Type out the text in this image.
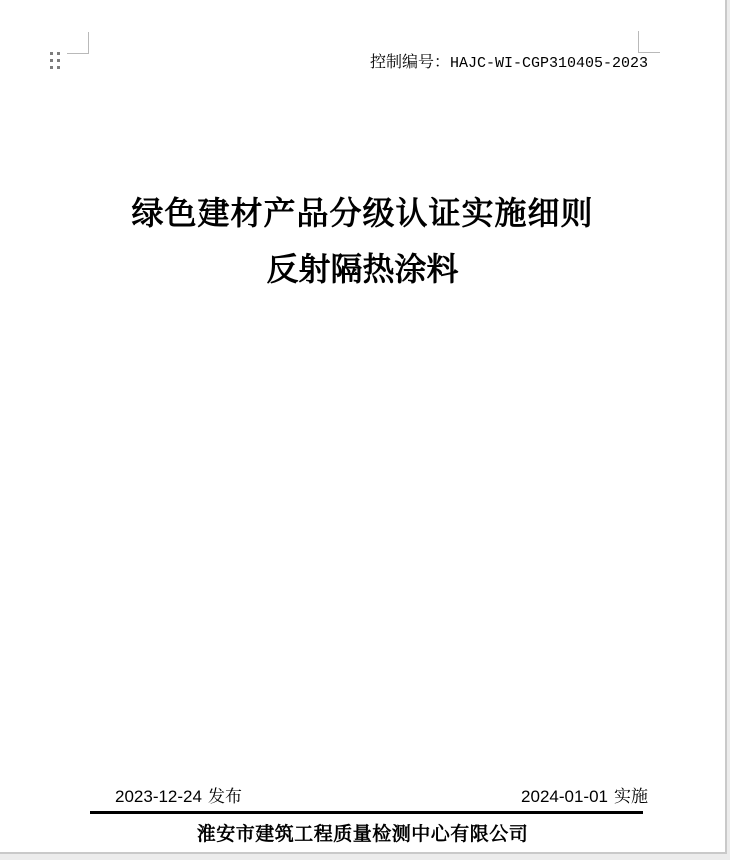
控制编号：HAJC-WI-CGP310405-2023
绿色建材产品分级认证实施细则
反射隔热涂料
2023-12-24 发布	2024-01-01 实施
淮安市建筑工程质量检测中心有限公司
